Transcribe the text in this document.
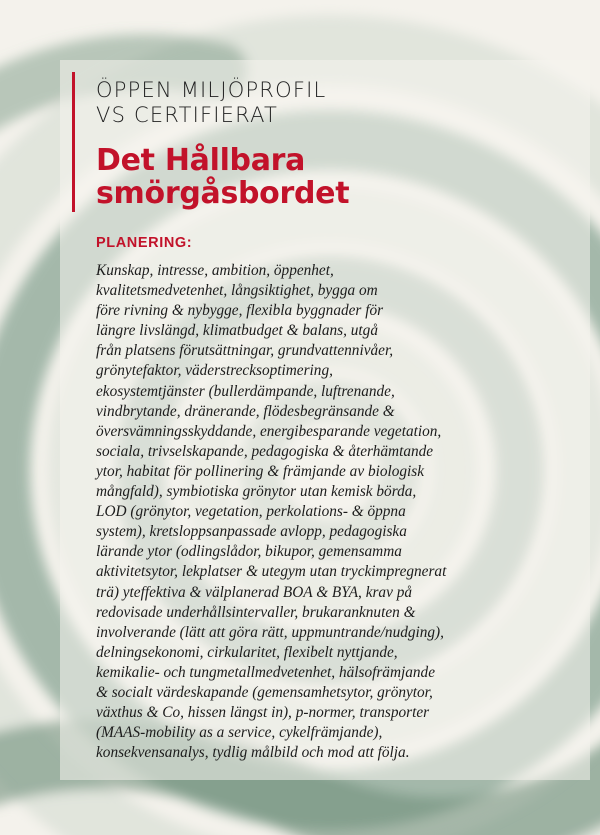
ÖPPEN MILJÖPROFIL
VS CERTIFIERAT
Det Hållbara
smörgåsbordet
PLANERING:
Kunskap, intresse, ambition, öppenhet,
kvalitetsmedvetenhet, långsiktighet, bygga om
före rivning & nybygge, flexibla byggnader för
längre livslängd, klimatbudget & balans, utgå
från platsens förutsättningar, grundvattennivåer,
grönytefaktor, väderstrecksoptimering,
ekosystemtjänster (bullerdämpande, luftrenande,
vindbrytande, dränerande, flödesbegränsande &
översvämningsskyddande, energibesparande vegetation,
sociala, trivselskapande, pedagogiska & återhämtande
ytor, habitat för pollinering & främjande av biologisk
mångfald), symbiotiska grönytor utan kemisk börda,
LOD (grönytor, vegetation, perkolations- & öppna
system), kretsloppsanpassade avlopp, pedagogiska
lärande ytor (odlingslådor, bikupor, gemensamma
aktivitetsytor, lekplatser & utegym utan tryckimpregnerat
trä) yteffektiva & välplanerad BOA & BYA, krav på
redovisade underhållsintervaller, brukaranknuten &
involverande (lätt att göra rätt, uppmuntrande/nudging),
delningsekonomi, cirkularitet, flexibelt nyttjande,
kemikalie- och tungmetallmedvetenhet, hälsofrämjande
& socialt värdeskapande (gemensamhetsytor, grönytor,
växthus & Co, hissen längst in), p-normer, transporter
(MAAS-mobility as a service, cykelfrämjande),
konsekvensanalys, tydlig målbild och mod att följa.
